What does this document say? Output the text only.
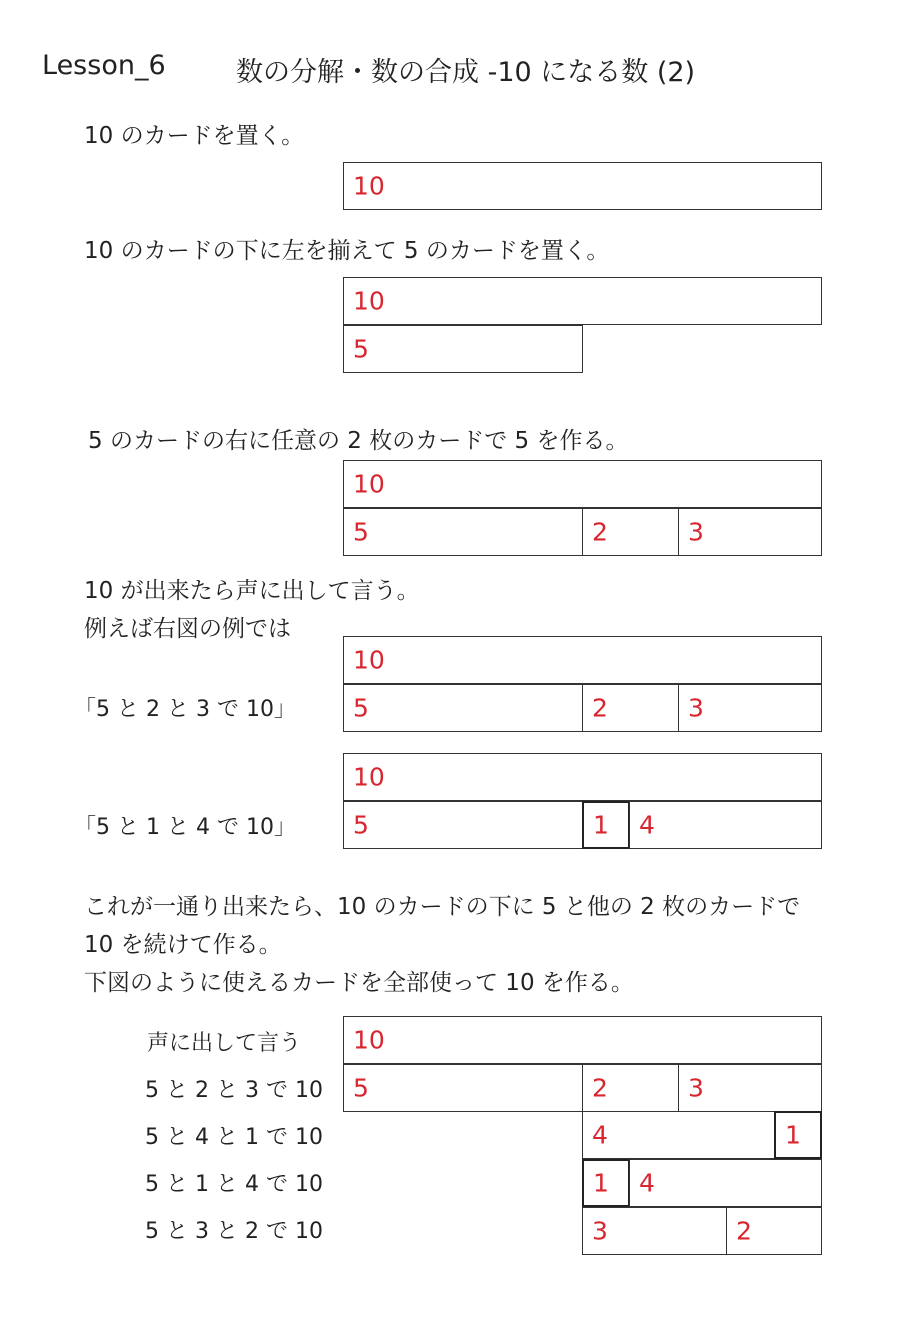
Lesson_6	数の分解・数の合成 -10 になる数 (2)
10 のカードを置く。
10
10 のカードの下に左を揃えて 5 のカードを置く。
10
5
5 のカードの右に任意の 2 枚のカードで 5 を作る。
10
5	2	3
10 が出来たら声に出して言う。
例えば右図の例では
10
5	2	3
「5 と 2 と 3 で 10」
10
5	1 4
「5 と 1 と 4 で 10」
これが一通り出来たら、10 のカードの下に 5 と他の 2 枚のカードで
10 を続けて作る。
下図のように使えるカードを全部使って 10 を作る。
声に出して言う
5 と 2 と 3 で 10
5 と 4 と 1 で 10
5 と 1 と 4 で 10
5 と 3 と 2 で 10
10
5	2	3
4	1
1 4
3	2
